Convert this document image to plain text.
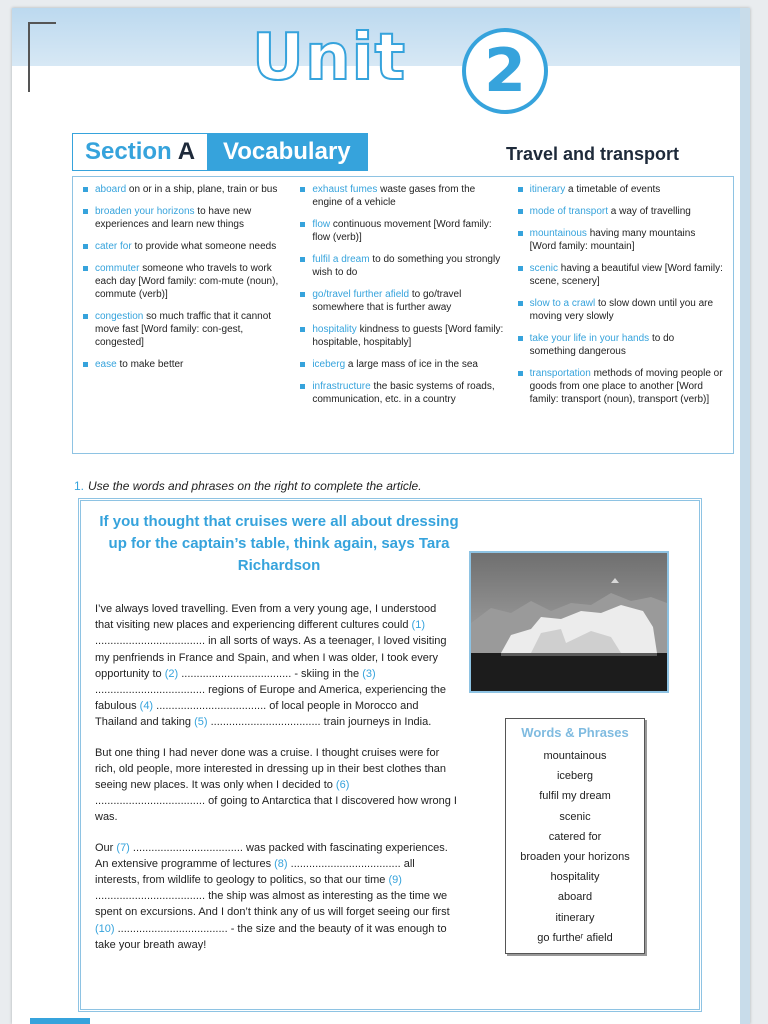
Unit	2
Section A	Vocabulary	Travel and transport
aboard on or in a ship, plane, train or bus
broaden your horizons to have new experiences and learn new things
cater for to provide what someone needs
commuter someone who travels to work each day [Word family: com-mute (noun), commute (verb)]
congestion so much traffic that it cannot move fast [Word family: con-gest, congested]
ease to make better
exhaust fumes waste gases from the engine of a vehicle
flow continuous movement [Word family: flow (verb)]
fulfil a dream to do something you strongly wish to do
go/travel further afield to go/travel somewhere that is further away
hospitality kindness to guests [Word family: hospitable, hospitably]
iceberg a large mass of ice in the sea
infrastructure the basic systems of roads, communication, etc. in a country
itinerary a timetable of events
mode of transport a way of travelling
mountainous having many mountains [Word family: mountain]
scenic having a beautiful view [Word family: scene, scenery]
slow to a crawl to slow down until you are moving very slowly
take your life in your hands to do something dangerous
transportation methods of moving people or goods from one place to another [Word family: transport (noun), transport (verb)]
1. Use the words and phrases on the right to complete the article.
If you thought that cruises were all about dressing up for the captain’s table, think again, says Tara Richardson

I’ve always loved travelling. Even from a very young age, I understood that visiting new places and experiencing different cultures could (1) .................................... in all sorts of ways. As a teenager, I loved visiting my penfriends in France and Spain, and when I was older, I took every opportunity to (2) .................................... - skiing in the (3) .................................... regions of Europe and America, experiencing the fabulous (4) .................................... of local people in Morocco and Thailand and taking (5) .................................... train journeys in India.

But one thing I had never done was a cruise. I thought cruises were for rich, old people, more interested in dressing up in their best clothes than seeing new places. It was only when I decided to (6) .................................... of going to Antarctica that I discovered how wrong I was.

Our (7) .................................... was packed with fascinating experiences. An extensive programme of lectures (8) .................................... all interests, from wildlife to geology to politics, so that our time (9) .................................... the ship was almost as interesting as the time we spent on excursions. And I don’t think any of us will forget seeing our first (10) .................................... - the size and the beauty of it was enough to take your breath away!

Words & Phrases
mountainous
iceberg
fulfil my dream
scenic
catered for
broaden your horizons
hospitality
aboard
itinerary
go furtheʳ afield
